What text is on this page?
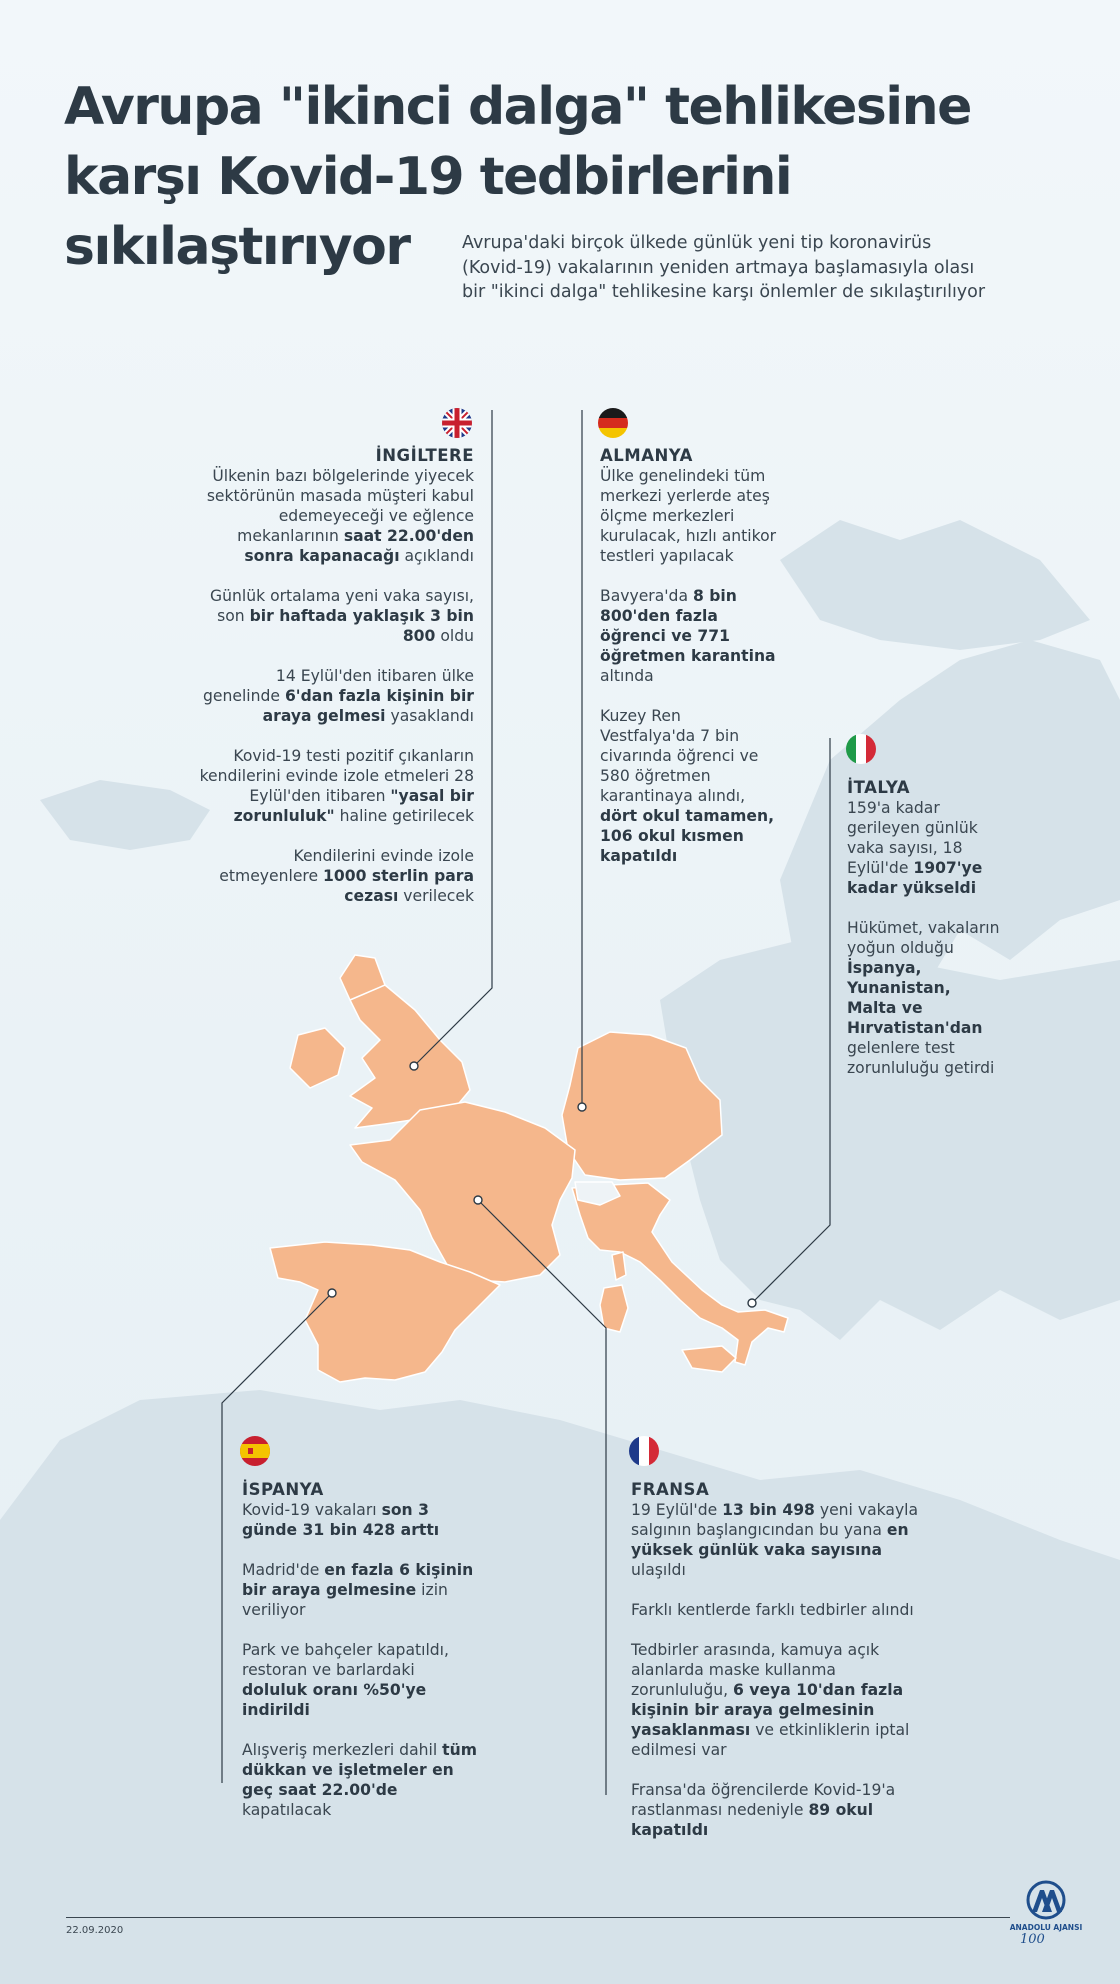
Avrupa "ikinci dalga" tehlikesine
karşı Kovid-19 tedbirlerini
sıkılaştırıyor	Avrupa'daki birçok ülkede günlük yeni tip koronavirüs (Kovid-19) vakalarının yeniden artmaya başlamasıyla olası bir "ikinci dalga" tehlikesine karşı önlemler de sıkılaştırılıyor

İNGİLTERE

Ülkenin bazı bölgelerinde yiyecek sektörünün masada müşteri kabul edemeyeceği ve eğlence mekanlarının saat 22.00'den sonra kapanacağı açıklandı

Günlük ortalama yeni vaka sayısı, son bir haftada yaklaşık 3 bin 800 oldu

14 Eylül'den itibaren ülke genelinde 6'dan fazla kişinin bir araya gelmesi yasaklandı

Kovid-19 testi pozitif çıkanların kendilerini evinde izole etmeleri 28 Eylül'den itibaren "yasal bir zorunluluk" haline getirilecek

Kendilerini evinde izole etmeyenlere 1000 sterlin para cezası verilecek

ALMANYA

Ülke genelindeki tüm merkezi yerlerde ateş ölçme merkezleri kurulacak, hızlı antikor testleri yapılacak

Bavyera'da 8 bin 800'den fazla öğrenci ve 771 öğretmen karantina altında

Kuzey Ren Vestfalya'da 7 bin civarında öğrenci ve 580 öğretmen karantinaya alındı, dört okul tamamen, 106 okul kısmen kapatıldı

İTALYA

159'a kadar gerileyen günlük vaka sayısı, 18 Eylül'de 1907'ye kadar yükseldi

Hükümet, vakaların yoğun olduğu İspanya, Yunanistan, Malta ve Hırvatistan'dan gelenlere test zorunluluğu getirdi

İSPANYA

Kovid-19 vakaları son 3 günde 31 bin 428 arttı

Madrid'de en fazla 6 kişinin bir araya gelmesine izin veriliyor

Park ve bahçeler kapatıldı, restoran ve barlardaki doluluk oranı %50'ye indirildi

Alışveriş merkezleri dahil tüm dükkan ve işletmeler en geç saat 22.00'de kapatılacak

FRANSA

19 Eylül'de 13 bin 498 yeni vakayla salgının başlangıcından bu yana en yüksek günlük vaka sayısına ulaşıldı

Farklı kentlerde farklı tedbirler alındı

Tedbirler arasında, kamuya açık alanlarda maske kullanma zorunluluğu, 6 veya 10'dan fazla kişinin bir araya gelmesinin yasaklanması ve etkinliklerin iptal edilmesi var

Fransa'da öğrencilerde Kovid-19'a rastlanması nedeniyle 89 okul kapatıldı

22.09.2020	ANADOLU AJANSI
100
